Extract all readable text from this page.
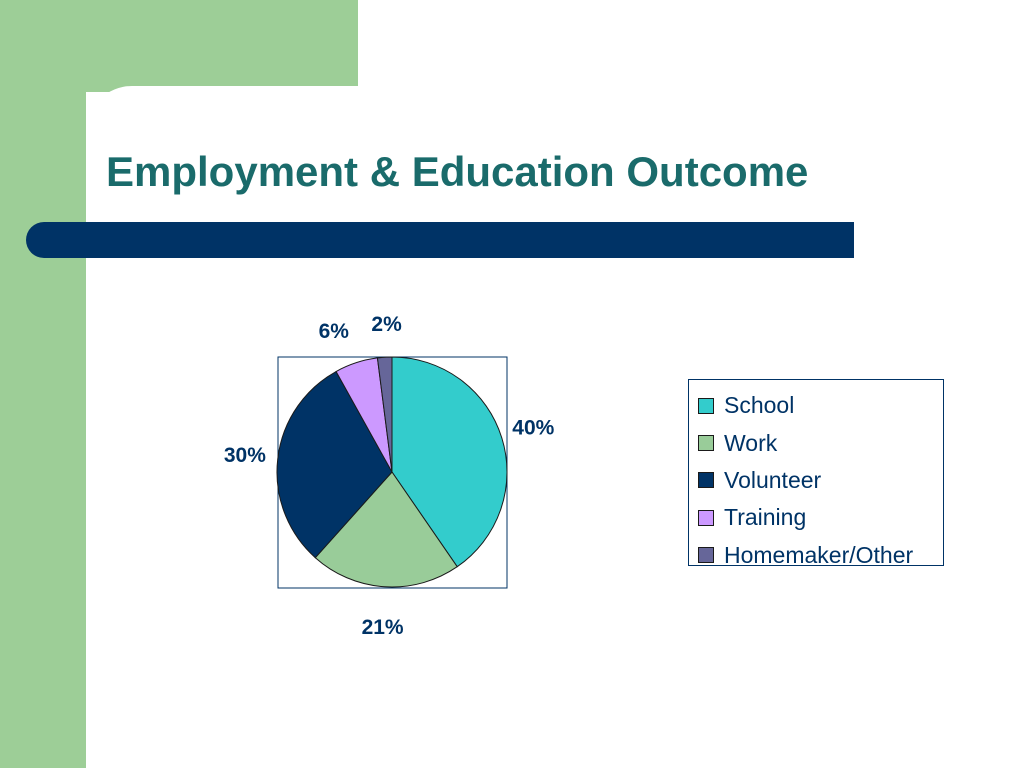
Employment & Education Outcome
40%
21%
30%
6% 2%
School
Work
Volunteer
Training
Homemaker/Other
